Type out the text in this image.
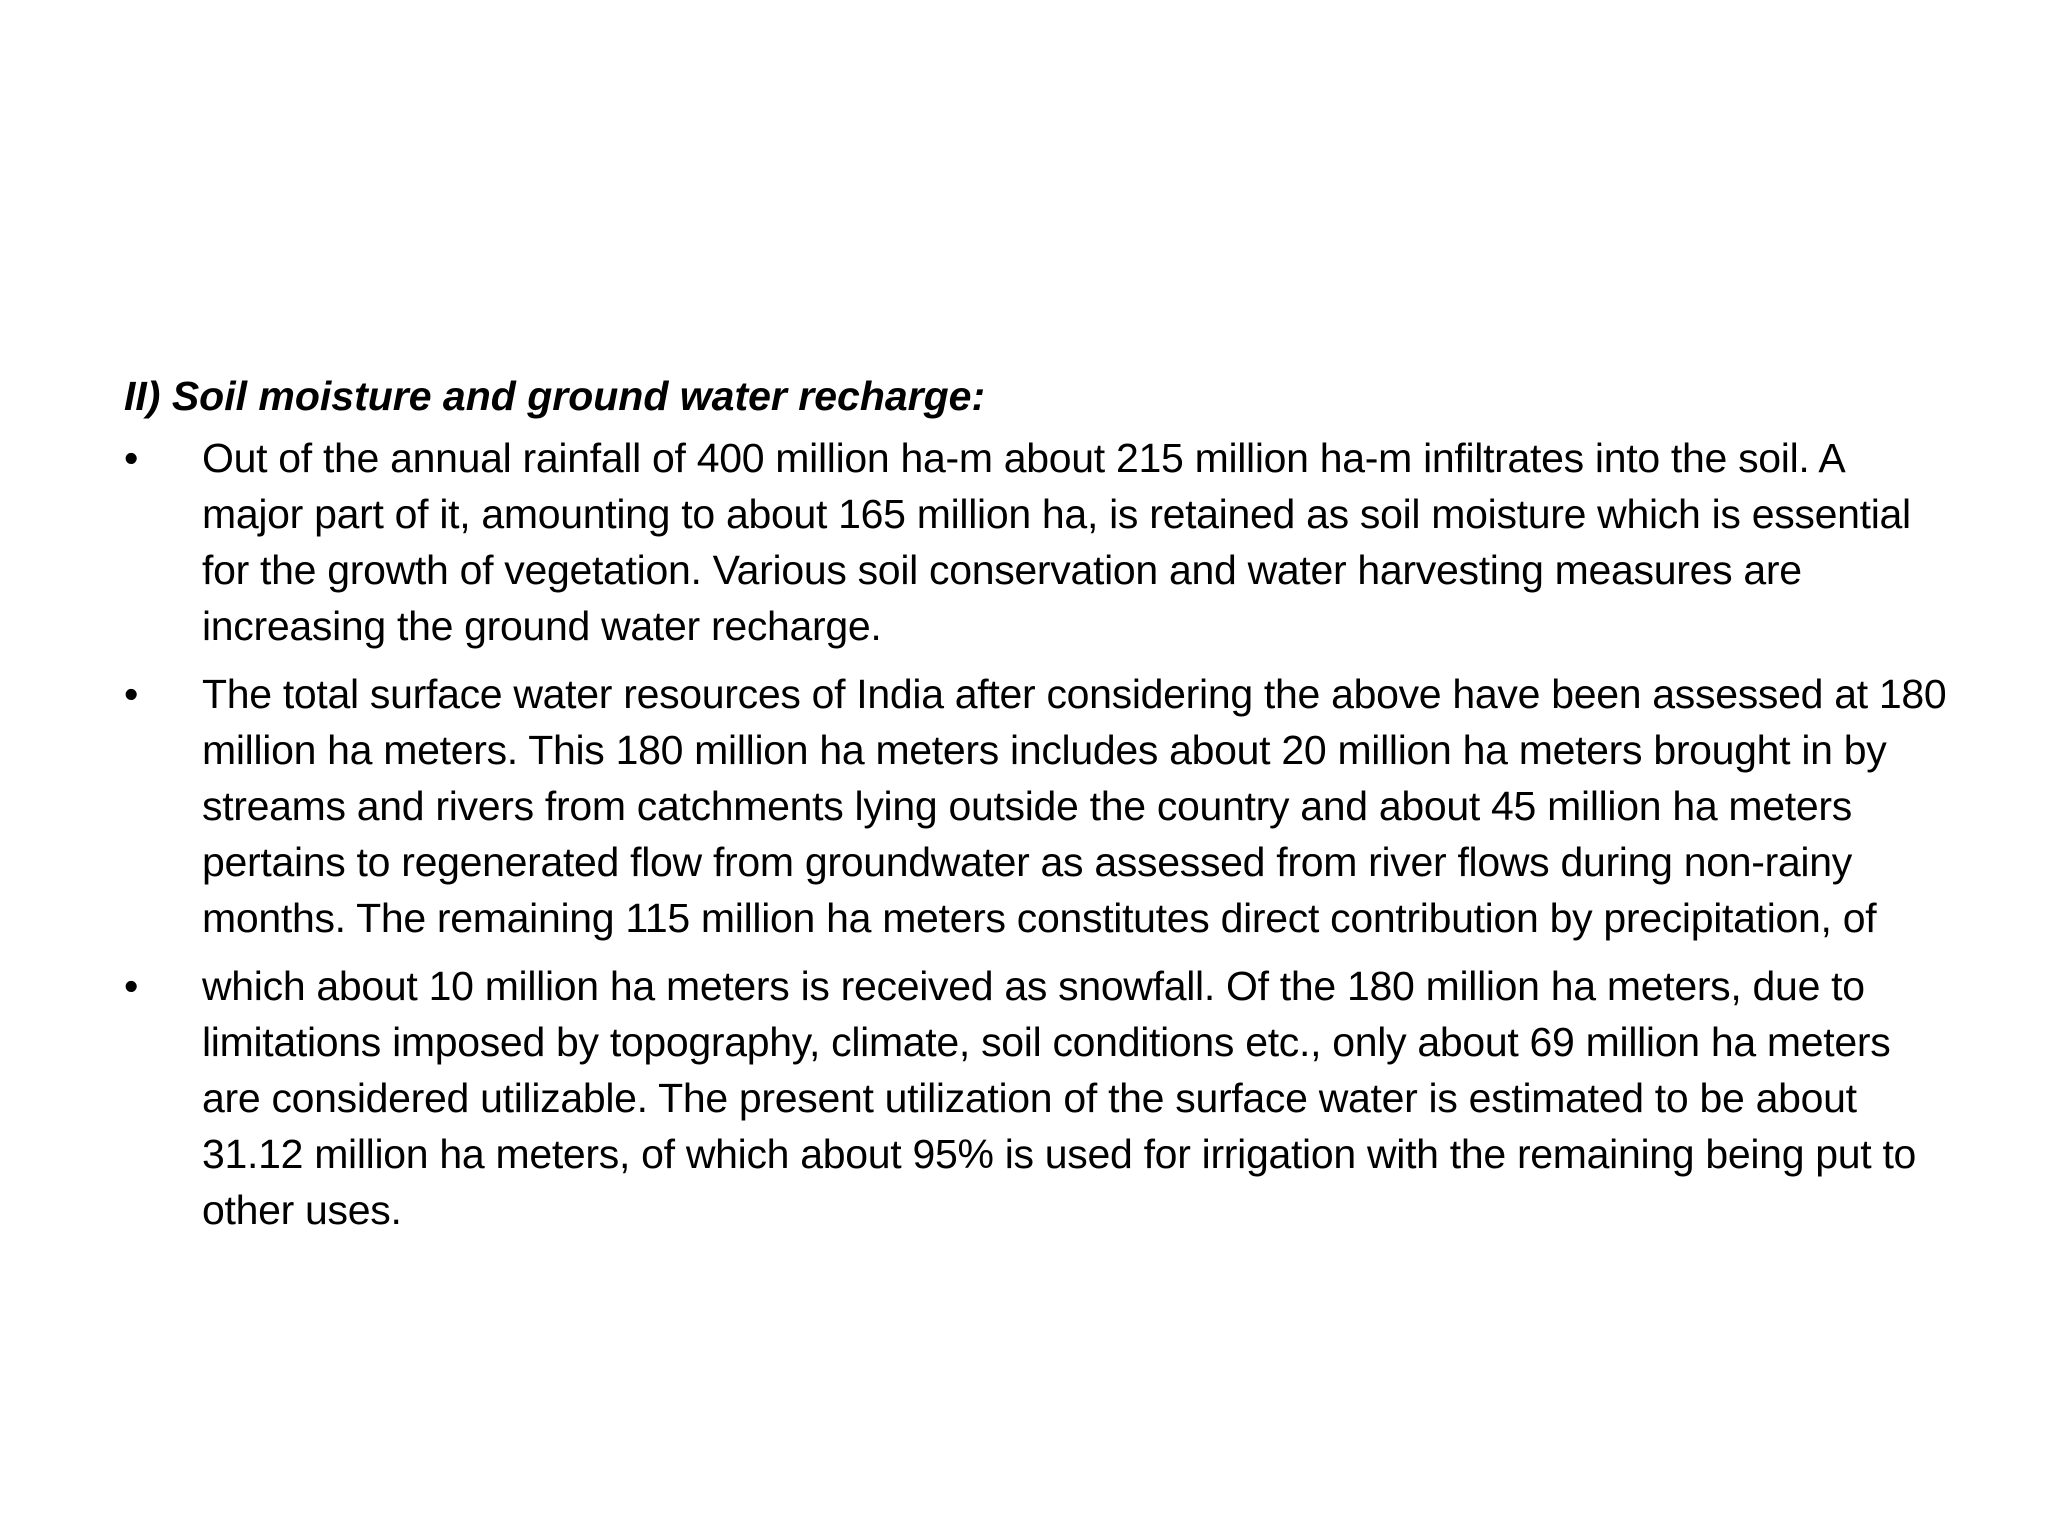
II) Soil moisture and ground water recharge:
• Out of the annual rainfall of 400 million ha-m about 215 million ha-m infiltrates into the soil. A major part of it, amounting to about 165 million ha, is retained as soil moisture which is essential for the growth of vegetation. Various soil conservation and water harvesting measures are increasing the ground water recharge.
• The total surface water resources of India after considering the above have been assessed at 180 million ha meters. This 180 million ha meters includes about 20 million ha meters brought in by streams and rivers from catchments lying outside the country and about 45 million ha meters pertains to regenerated flow from groundwater as assessed from river flows during non-rainy months. The remaining 115 million ha meters constitutes direct contribution by precipitation, of
• which about 10 million ha meters is received as snowfall. Of the 180 million ha meters, due to limitations imposed by topography, climate, soil conditions etc., only about 69 million ha meters are considered utilizable. The present utilization of the surface water is estimated to be about 31.12 million ha meters, of which about 95% is used for irrigation with the remaining being put to other uses.
